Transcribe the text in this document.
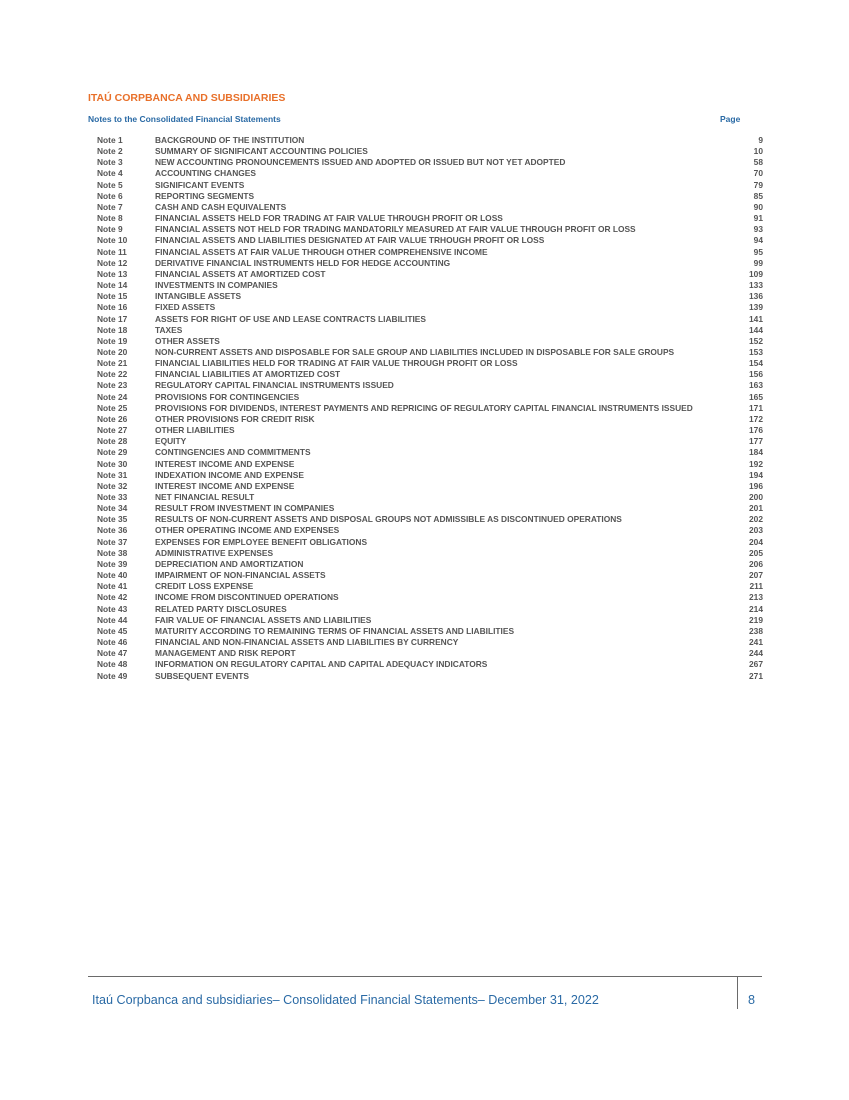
ITAÚ CORPBANCA AND SUBSIDIARIES
Notes to the Consolidated Financial Statements	Page
Note 1	BACKGROUND OF THE INSTITUTION	9
Note 2	SUMMARY OF SIGNIFICANT ACCOUNTING POLICIES	10
Note 3	NEW ACCOUNTING PRONOUNCEMENTS ISSUED AND ADOPTED OR ISSUED BUT NOT YET ADOPTED	58
Note 4	ACCOUNTING CHANGES	70
Note 5	SIGNIFICANT EVENTS	79
Note 6	REPORTING SEGMENTS	85
Note 7	CASH AND CASH EQUIVALENTS	90
Note 8	FINANCIAL ASSETS HELD FOR TRADING AT FAIR VALUE THROUGH PROFIT OR LOSS	91
Note 9	FINANCIAL ASSETS NOT HELD FOR TRADING MANDATORILY MEASURED AT FAIR VALUE THROUGH PROFIT OR LOSS	93
Note 10	FINANCIAL ASSETS AND LIABILITIES DESIGNATED AT FAIR VALUE TRHOUGH PROFIT OR LOSS	94
Note 11	FINANCIAL ASSETS AT FAIR VALUE THROUGH OTHER COMPREHENSIVE INCOME	95
Note 12	DERIVATIVE FINANCIAL INSTRUMENTS HELD FOR HEDGE ACCOUNTING	99
Note 13	FINANCIAL ASSETS AT AMORTIZED COST	109
Note 14	INVESTMENTS IN COMPANIES	133
Note 15	INTANGIBLE ASSETS	136
Note 16	FIXED ASSETS	139
Note 17	ASSETS FOR RIGHT OF USE AND LEASE CONTRACTS LIABILITIES	141
Note 18	TAXES	144
Note 19	OTHER ASSETS	152
Note 20	NON-CURRENT ASSETS AND DISPOSABLE FOR SALE GROUP AND LIABILITIES INCLUDED IN DISPOSABLE FOR SALE GROUPS	153
Note 21	FINANCIAL LIABILITIES HELD FOR TRADING AT FAIR VALUE THROUGH PROFIT OR LOSS	154
Note 22	FINANCIAL LIABILITIES AT AMORTIZED COST	156
Note 23	REGULATORY CAPITAL FINANCIAL INSTRUMENTS ISSUED	163
Note 24	PROVISIONS FOR CONTINGENCIES	165
Note 25	PROVISIONS FOR DIVIDENDS, INTEREST PAYMENTS AND REPRICING OF REGULATORY CAPITAL FINANCIAL INSTRUMENTS ISSUED	171
Note 26	OTHER PROVISIONS FOR CREDIT RISK	172
Note 27	OTHER LIABILITIES	176
Note 28	EQUITY	177
Note 29	CONTINGENCIES AND COMMITMENTS	184
Note 30	INTEREST INCOME AND EXPENSE	192
Note 31	INDEXATION INCOME AND EXPENSE	194
Note 32	INTEREST INCOME AND EXPENSE	196
Note 33	NET FINANCIAL RESULT	200
Note 34	RESULT FROM INVESTMENT IN COMPANIES	201
Note 35	RESULTS OF NON-CURRENT ASSETS AND DISPOSAL GROUPS NOT ADMISSIBLE AS DISCONTINUED OPERATIONS	202
Note 36	OTHER OPERATING INCOME AND EXPENSES	203
Note 37	EXPENSES FOR EMPLOYEE BENEFIT OBLIGATIONS	204
Note 38	ADMINISTRATIVE EXPENSES	205
Note 39	DEPRECIATION AND AMORTIZATION	206
Note 40	IMPAIRMENT OF NON-FINANCIAL ASSETS	207
Note 41	CREDIT LOSS EXPENSE	211
Note 42	INCOME FROM DISCONTINUED OPERATIONS	213
Note 43	RELATED PARTY DISCLOSURES	214
Note 44	FAIR VALUE OF FINANCIAL ASSETS AND LIABILITIES	219
Note 45	MATURITY ACCORDING TO REMAINING TERMS OF FINANCIAL ASSETS AND LIABILITIES	238
Note 46	FINANCIAL AND NON-FINANCIAL ASSETS AND LIABILITIES BY CURRENCY	241
Note 47	MANAGEMENT AND RISK REPORT	244
Note 48	INFORMATION ON REGULATORY CAPITAL AND CAPITAL ADEQUACY INDICATORS	267
Note 49	SUBSEQUENT EVENTS	271
Itaú Corpbanca and subsidiaries– Consolidated Financial Statements– December 31, 2022	8
